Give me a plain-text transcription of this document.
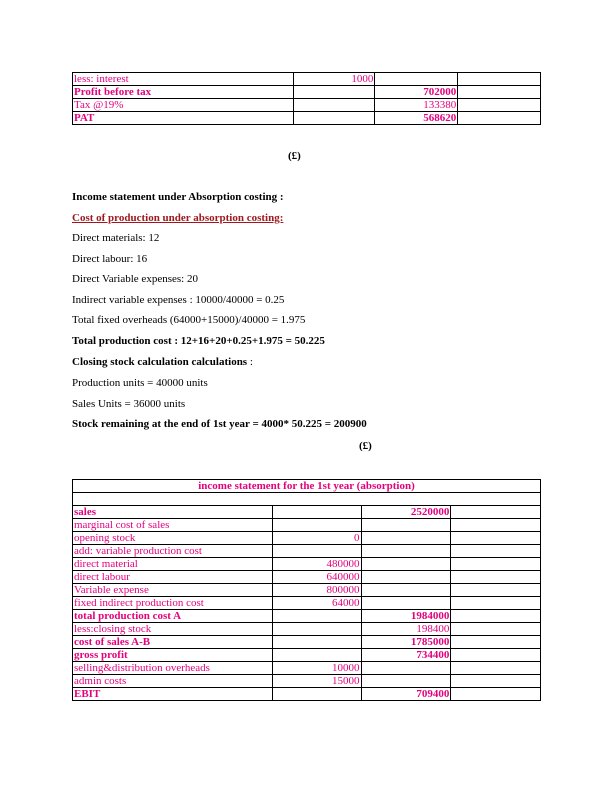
less: interest	1000		
Profit before tax		702000	
Tax @19%		133380	
PAT		568620	
(£)
Income statement under Absorption costing :
Cost of production under absorption costing:
Direct materials: 12
Direct labour: 16
Direct Variable expenses: 20
Indirect variable expenses : 10000/40000 = 0.25
Total fixed overheads (64000+15000)/40000 = 1.975
Total production cost : 12+16+20+0.25+1.975 = 50.225
Closing stock calculation calculations :
Production units = 40000 units
Sales Units = 36000 units
Stock remaining at the end of 1st year = 4000* 50.225 = 200900
(£)
income statement for the 1st year (absorption)			

sales		2520000	
marginal cost of sales			
opening stock	0		
add: variable production cost			
direct material	480000		
direct labour	640000		
Variable expense	800000		
fixed indirect production cost	64000		
total production cost A		1984000	
less:closing stock		198400	
cost of sales A-B		1785000	
gross profit		734400	
selling&distribution overheads	10000		
admin costs	15000		
EBIT		709400	
